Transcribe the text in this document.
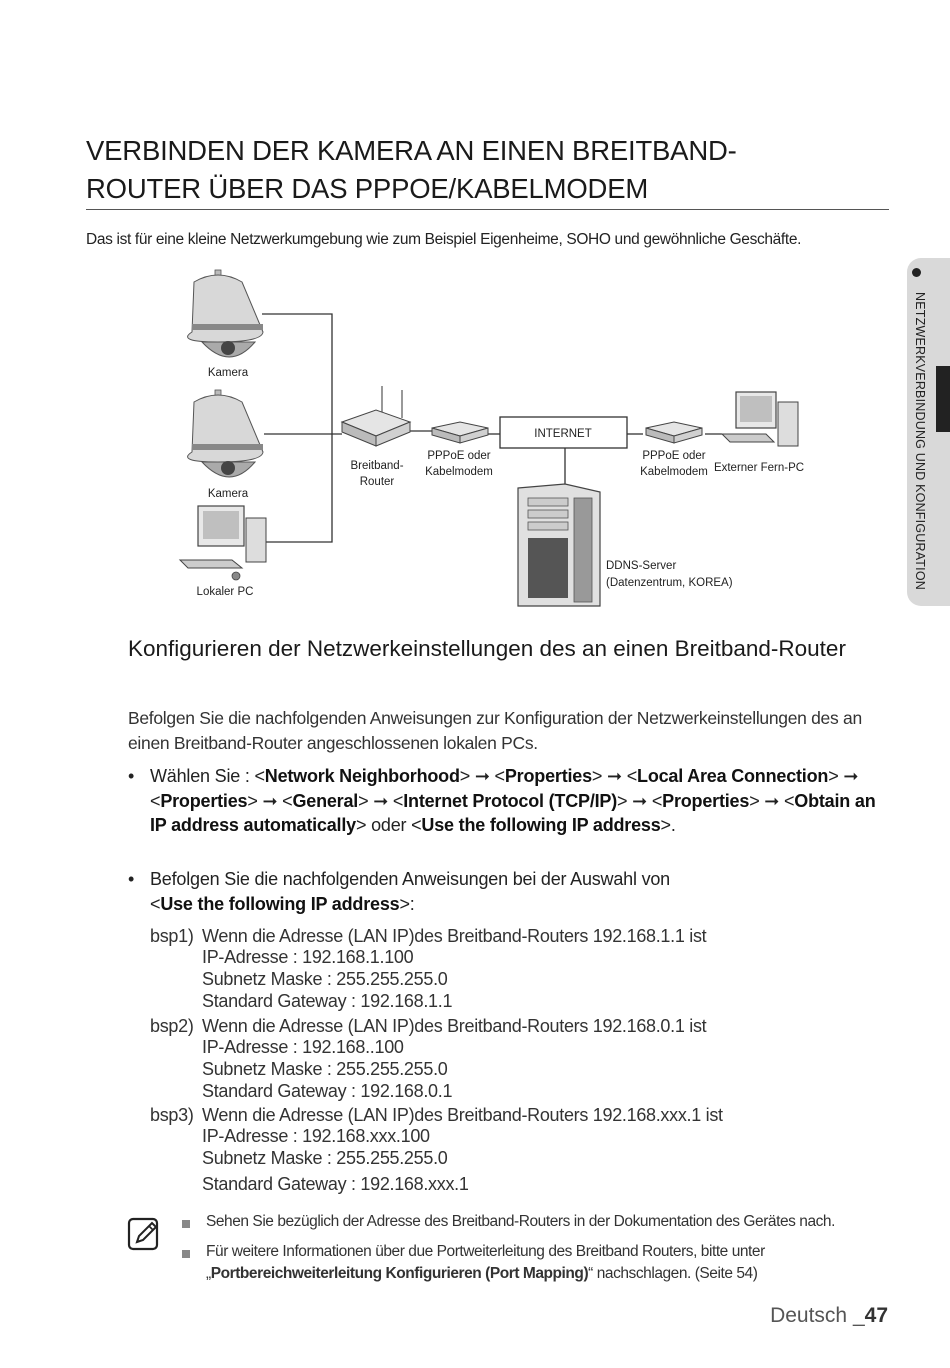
VERBINDEN DER KAMERA AN EINEN BREITBAND-
ROUTER ÜBER DAS PPPOE/KABELMODEM
Das ist für eine kleine Netzwerkumgebung wie zum Beispiel Eigenheime, SOHO und gewöhnliche Geschäfte.
NETZWERKVERBINDUNG UND KONFIGURATION
Kamera
Kamera
Lokaler PC
Breitband-
Router
PPPoE oder
Kabelmodem
INTERNET
PPPoE oder
Kabelmodem Externer Fern-PC
DDNS-Server
(Datenzentrum, KOREA)
Konfigurieren der Netzwerkeinstellungen des an einen Breitband-Router
Befolgen Sie die nachfolgenden Anweisungen zur Konfiguration der Netzwerkeinstellungen des an einen Breitband-Router angeschlossenen lokalen PCs.
• Wählen Sie : <Network Neighborhood> ➞ <Properties> ➞ <Local Area Connection> ➞ <Properties> ➞ <General> ➞ <Internet Protocol (TCP/IP)> ➞ <Properties> ➞ <Obtain an IP address automatically> oder <Use the following IP address>.
• Befolgen Sie die nachfolgenden Anweisungen bei der Auswahl von
<Use the following IP address>:
bsp1) Wenn die Adresse (LAN IP)des Breitband-Routers 192.168.1.1 ist
IP-Adresse : 192.168.1.100
Subnetz Maske : 255.255.255.0
Standard Gateway : 192.168.1.1
bsp2) Wenn die Adresse (LAN IP)des Breitband-Routers 192.168.0.1 ist
IP-Adresse : 192.168..100
Subnetz Maske : 255.255.255.0
Standard Gateway : 192.168.0.1
bsp3) Wenn die Adresse (LAN IP)des Breitband-Routers 192.168.xxx.1 ist
IP-Adresse : 192.168.xxx.100
Subnetz Maske : 255.255.255.0
Standard Gateway : 192.168.xxx.1
Sehen Sie bezüglich der Adresse des Breitband-Routers in der Dokumentation des Gerätes nach.
Für weitere Informationen über due Portweiterleitung des Breitband Routers, bitte unter
„Portbereichweiterleitung Konfigurieren (Port Mapping)“ nachschlagen. (Seite 54)
Deutsch _47
